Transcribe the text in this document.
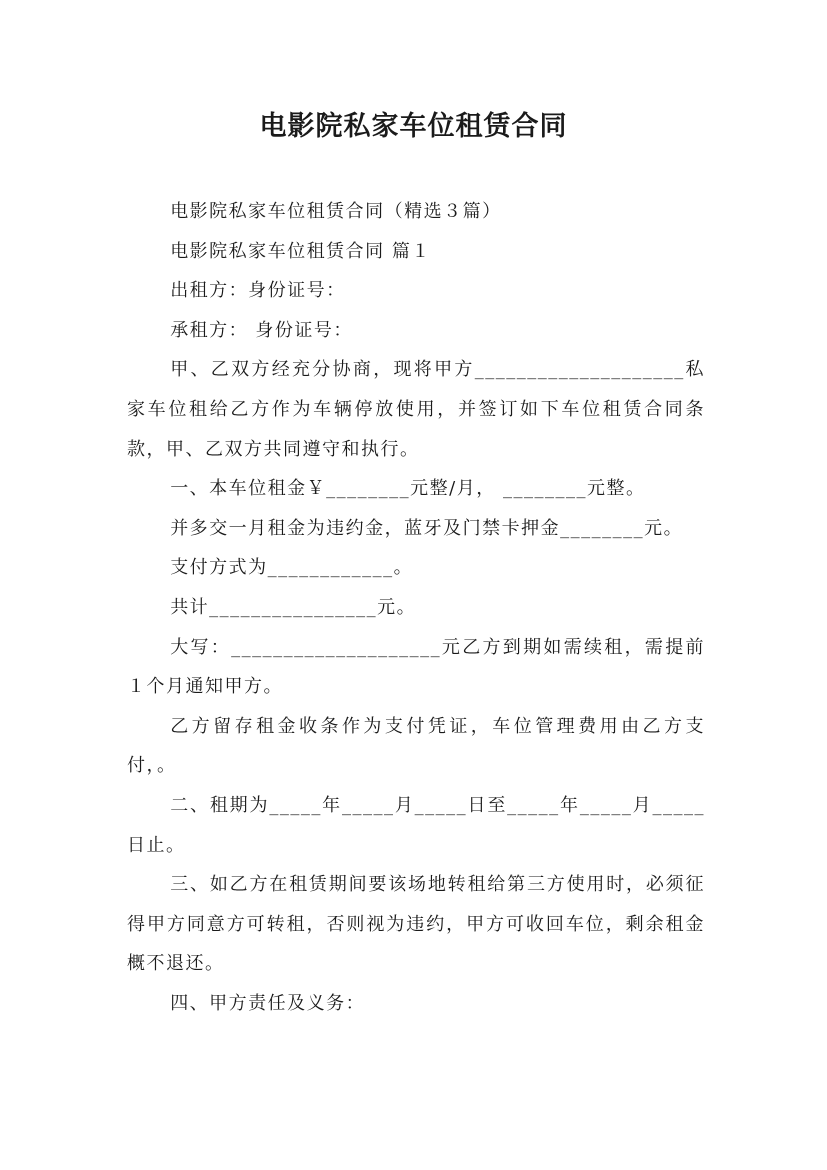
电影院私家车位租赁合同

电影院私家车位租赁合同（精选３篇）

电影院私家车位租赁合同 篇１

出租方：身份证号：

承租方： 身份证号：

甲、乙双方经充分协商，现将甲方____________________私家车位租给乙方作为车辆停放使用，并签订如下车位租赁合同条款，甲、乙双方共同遵守和执行。

一、本车位租金￥________元整/月， ________元整。

并多交一月租金为违约金，蓝牙及门禁卡押金________元。

支付方式为____________。

共计________________元。

大写：____________________元乙方到期如需续租，需提前１个月通知甲方。

乙方留存租金收条作为支付凭证，车位管理费用由乙方支付，。

二、租期为_____年_____月_____日至_____年_____月_____日止。

三、如乙方在租赁期间要该场地转租给第三方使用时，必须征得甲方同意方可转租，否则视为违约，甲方可收回车位，剩余租金概不退还。

四、甲方责任及义务：
